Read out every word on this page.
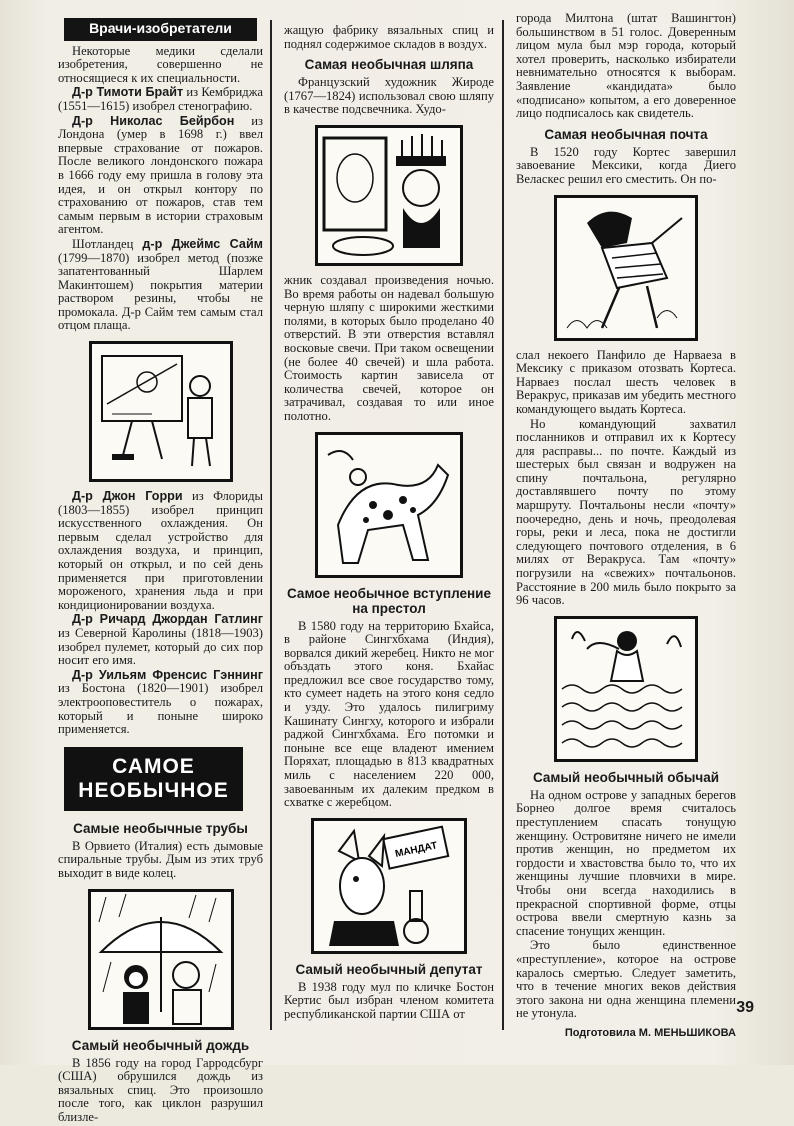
Врачи-изобретатели

Некоторые медики сделали изобретения, совершенно не относящиеся к их специальности.

Д-р Тимоти Брайт из Кембриджа (1551—1615) изобрел стенографию.

Д-р Николас Бейрбон из Лондона (умер в 1698 г.) ввел впервые страхование от пожаров. После великого лондонского пожара в 1666 году ему пришла в голову эта идея, и он открыл контору по страхованию от пожаров, став тем самым первым в истории страховым агентом.

Шотландец д-р Джеймс Сайм (1799—1870) изобрел метод (позже запатентованный Шарлем Макинтошем) покрытия материи раствором резины, чтобы не промокала. Д-р Сайм тем самым стал отцом плаща.

Д-р Джон Горри из Флориды (1803—1855) изобрел принцип искусственного охлаждения. Он первым сделал устройство для охлаждения воздуха, и принцип, который он открыл, и по сей день применяется при приготовлении мороженого, хранения льда и при кондиционировании воздуха.

Д-р Ричард Джордан Гатлинг из Северной Каролины (1818—1903) изобрел пулемет, который до сих пор носит его имя.

Д-р Уильям Френсис Гэннинг из Бостона (1820—1901) изобрел электрооповеститель о пожарах, который и поныне широко применяется.

САМОЕ
НЕОБЫЧНОЕ
Самые необычные трубы

В Орвието (Италия) есть дымовые спиральные трубы. Дым из этих труб выходит в виде колец.

Самый необычный дождь

В 1856 году на город Гарродсбург (США) обрушился дождь из вязальных спиц. Это произошло после того, как циклон разрушил близле-

жащую фабрику вязальных спиц и поднял содержимое складов в воздух.

Самая необычная шляпа

Французский художник Жироде (1767—1824) использовал свою шляпу в качестве подсвечника. Худо-

жник создавал произведения ночью. Во время работы он надевал большую черную шляпу с широкими жесткими полями, в которых было проделано 40 отверстий. В эти отверстия вставлял восковые свечи. При таком освещении (не более 40 свечей) и шла работа. Стоимость картин зависела от количества свечей, которое он затрачивал, создавая то или иное полотно.

Самое необычное вступление на престол

В 1580 году на территорию Бхайса, в районе Сингхбхама (Индия), ворвался дикий жеребец. Никто не мог объздать этого коня. Бхайас предложил все свое государство тому, кто сумеет надеть на этого коня седло и узду. Это удалось пилигриму Кашинату Сингху, которого и избрали раджой Сингхбхама. Его потомки и поныне все еще владеют имением Поряхат, площадью в 813 квадратных миль с населением 220 000, завоеванным их далеким предком в схватке с жеребцом.

МАНДАТ
Самый необычный депутат

В 1938 году мул по кличке Бостон Кертис был избран членом комитета республиканской партии США от

города Милтона (штат Вашингтон) большинством в 51 голос. Доверенным лицом мула был мэр города, который хотел проверить, насколько избиратели невнимательно относятся к выборам. Заявление «кандидата» было «подписано» копытом, а его доверенное лицо подписалось как свидетель.

Самая необычная почта

В 1520 году Кортес завершил завоевание Мексики, когда Диего Веласкес решил его сместить. Он по-

слал некоего Панфило де Нарваеза в Мексику с приказом отозвать Кортеса. Нарваез послал шесть человек в Веракрус, приказав им убедить местного командующего выдать Кортеса.

Но командующий захватил посланников и отправил их к Кортесу для расправы... по почте. Каждый из шестерых был связан и водружен на спину почтальона, регулярно доставлявшего почту по этому маршруту. Почтальоны несли «почту» поочередно, день и ночь, преодолевая горы, реки и леса, пока не достигли следующего почтового отделения, в 6 милях от Веракруса. Там «почту» погрузили на «свежих» почтальонов. Расстояние в 200 миль было покрыто за 96 часов.

Самый необычный обычай

На одном острове у западных берегов Борнео долгое время считалось преступлением спасать тонущую женщину. Островитяне ничего не имели против женщин, но предметом их гордости и хвастовства было то, что их женщины лучшие пловчихи в мире. Чтобы они всегда находились в прекрасной спортивной форме, отцы острова ввели смертную казнь за спасение тонущих женщин.

Это было единственное «преступление», которое на острове каралось смертью. Следует заметить, что в течение многих веков действия этого закона ни одна женщина племени не утонула.

Подготовила М. МЕНЬШИКОВА
39
